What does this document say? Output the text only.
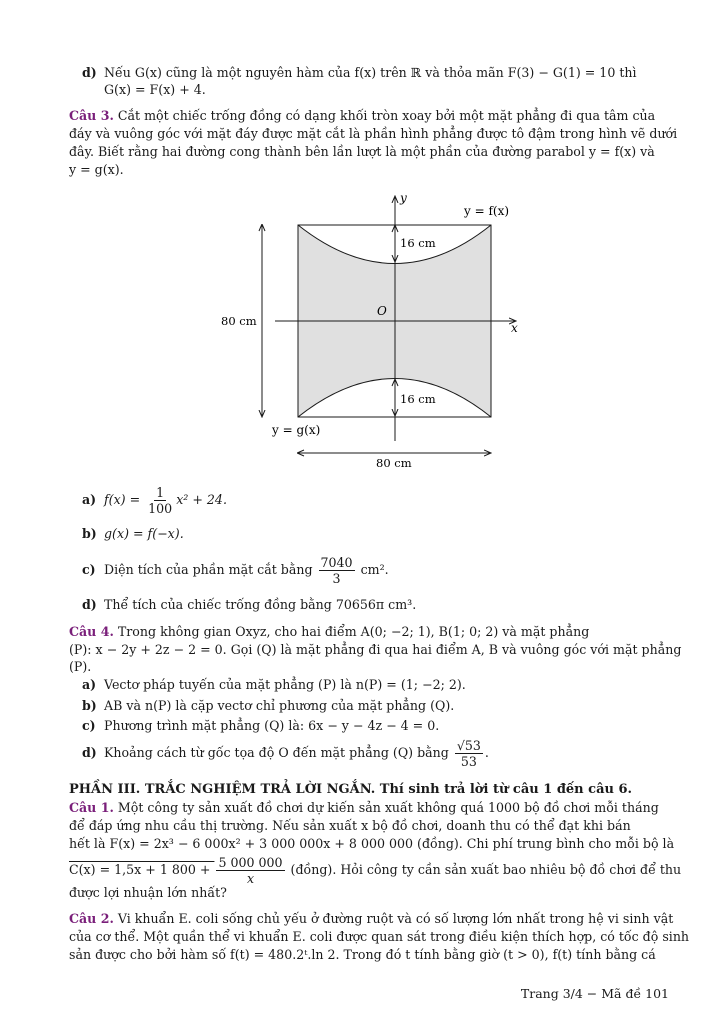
d) Nếu G(x) cũng là một nguyên hàm của f(x) trên ℝ và thỏa mãn F(3) − G(1) = 10 thì
G(x) = F(x) + 4.
Câu 3. Cắt một chiếc trống đồng có dạng khối tròn xoay bởi một mặt phẳng đi qua tâm của
đáy và vuông góc với mặt đáy được mặt cắt là phần hình phẳng được tô đậm trong hình vẽ dưới
đây. Biết rằng hai đường cong thành bên lần lượt là một phần của đường parabol y = f(x) và
y = g(x).
y
x
O
y = f(x)
y = g(x)
16 cm
16 cm
80 cm
80 cm
a) $f(x) = \frac{1}{100} x^2 + 24$.
b) g(x) = f(−x).
c) Diện tích của phần mặt cắt bằng $\frac{7040}{3} cm^2$.
d) Thể tích của chiếc trống đồng bằng 70656π cm³.
Câu 4. Trong không gian Oxyz, cho hai điểm A(0; −2; 1), B(1; 0; 2) và mặt phẳng
(P): x − 2y + 2z − 2 = 0. Gọi (Q) là mặt phẳng đi qua hai điểm A, B và vuông góc với mặt phẳng
(P).
a) Vectơ pháp tuyến của mặt phẳng (P) là n(P) = (1; −2; 2).
b) AB và n(P) là cặp vectơ chỉ phương của mặt phẳng (Q).
c) Phương trình mặt phẳng (Q) là: 6x − y − 4z − 4 = 0.
d) Khoảng cách từ gốc tọa độ O đến mặt phẳng (Q) bằng $\frac{√53}{53}$ .
PHẦN III. TRẮC NGHIỆM TRẢ LỜI NGẮN. Thí sinh trả lời từ câu 1 đến câu 6.
Câu 1. Một công ty sản xuất đồ chơi dự kiến sản xuất không quá 1000 bộ đồ chơi mỗi tháng
để đáp ứng nhu cầu thị trường. Nếu sản xuất x bộ đồ chơi, doanh thu có thể đạt khi bán
hết là F(x) = 2x³ − 6 000x² + 3 000 000x + 8 000 000 (đồng). Chi phí trung bình cho mỗi bộ là
C(x) = 1,5x + 1 $800 + \frac{5 000 000}{x}$ (đồng). Hỏi công ty cần sản xuất bao nhiêu bộ đồ chơi để thu
được lợi nhuận lớn nhất?
Câu 2. Vi khuẩn E. coli sống chủ yếu ở đường ruột và có số lượng lớn nhất trong hệ vi sinh vật
của cơ thể. Một quần thể vi khuẩn E. coli được quan sát trong điều kiện thích hợp, có tốc độ sinh
sản được cho bởi hàm số f(t) = 480.2ᵗ.ln 2. Trong đó t tính bằng giờ (t > 0), f(t) tính bằng cá
Trang 3/4 − Mã đề 101
